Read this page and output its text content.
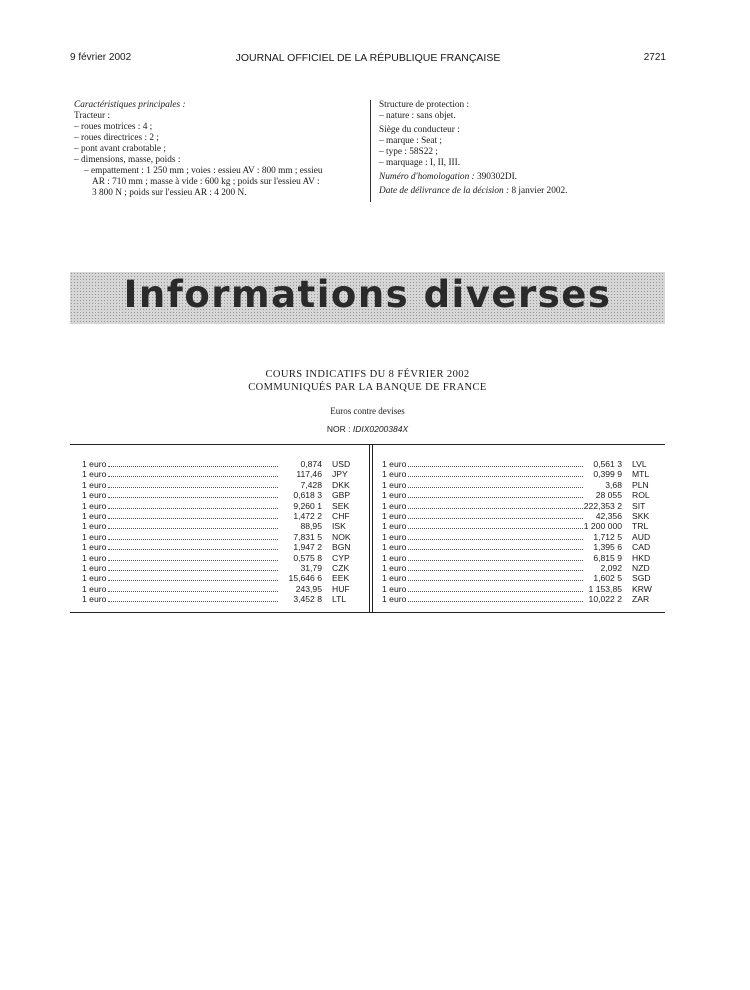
9 février 2002	JOURNAL OFFICIEL DE LA RÉPUBLIQUE FRANÇAISE	2721
Caractéristiques principales :
Tracteur :
– roues motrices : 4 ;
– roues directrices : 2 ;
– pont avant crabotable ;
– dimensions, masse, poids :
– empattement : 1 250 mm ; voies : essieu AV : 800 mm ; essieu
AR : 710 mm ; masse à vide : 600 kg ; poids sur l'essieu AV :
3 800 N ; poids sur l'essieu AR : 4 200 N.
Structure de protection :
– nature : sans objet.
Siège du conducteur :
– marque : Seat ;
– type : 58S22 ;
– marquage : I, II, III.
Numéro d'homologation : 390302DI.
Date de délivrance de la décision : 8 janvier 2002.
Informations diverses
COURS INDICATIFS DU 8 FÉVRIER 2002
COMMUNIQUÉS PAR LA BANQUE DE FRANCE
Euros contre devises
NOR : IDIX0200384X
1 euro	0,874 USD
1 euro	117,46 JPY
1 euro	7,428 DKK
1 euro	0,618 3 GBP
1 euro	9,260 1 SEK
1 euro	1,472 2 CHF
1 euro	88,95 ISK
1 euro	7,831 5 NOK
1 euro	1,947 2 BGN
1 euro	0,575 8 CYP
1 euro	31,79 CZK
1 euro	15,646 6 EEK
1 euro	243,95 HUF
1 euro	3,452 8 LTL
1 euro	0,561 3 LVL
1 euro	0,399 9 MTL
1 euro	3,68 PLN
1 euro	28 055 ROL
1 euro	222,353 2 SIT
1 euro	42,356 SKK
1 euro	1 200 000 TRL
1 euro	1,712 5 AUD
1 euro	1,395 6 CAD
1 euro	6,815 9 HKD
1 euro	2,092 NZD
1 euro	1,602 5 SGD
1 euro	1 153,85 KRW
1 euro	10,022 2 ZAR
